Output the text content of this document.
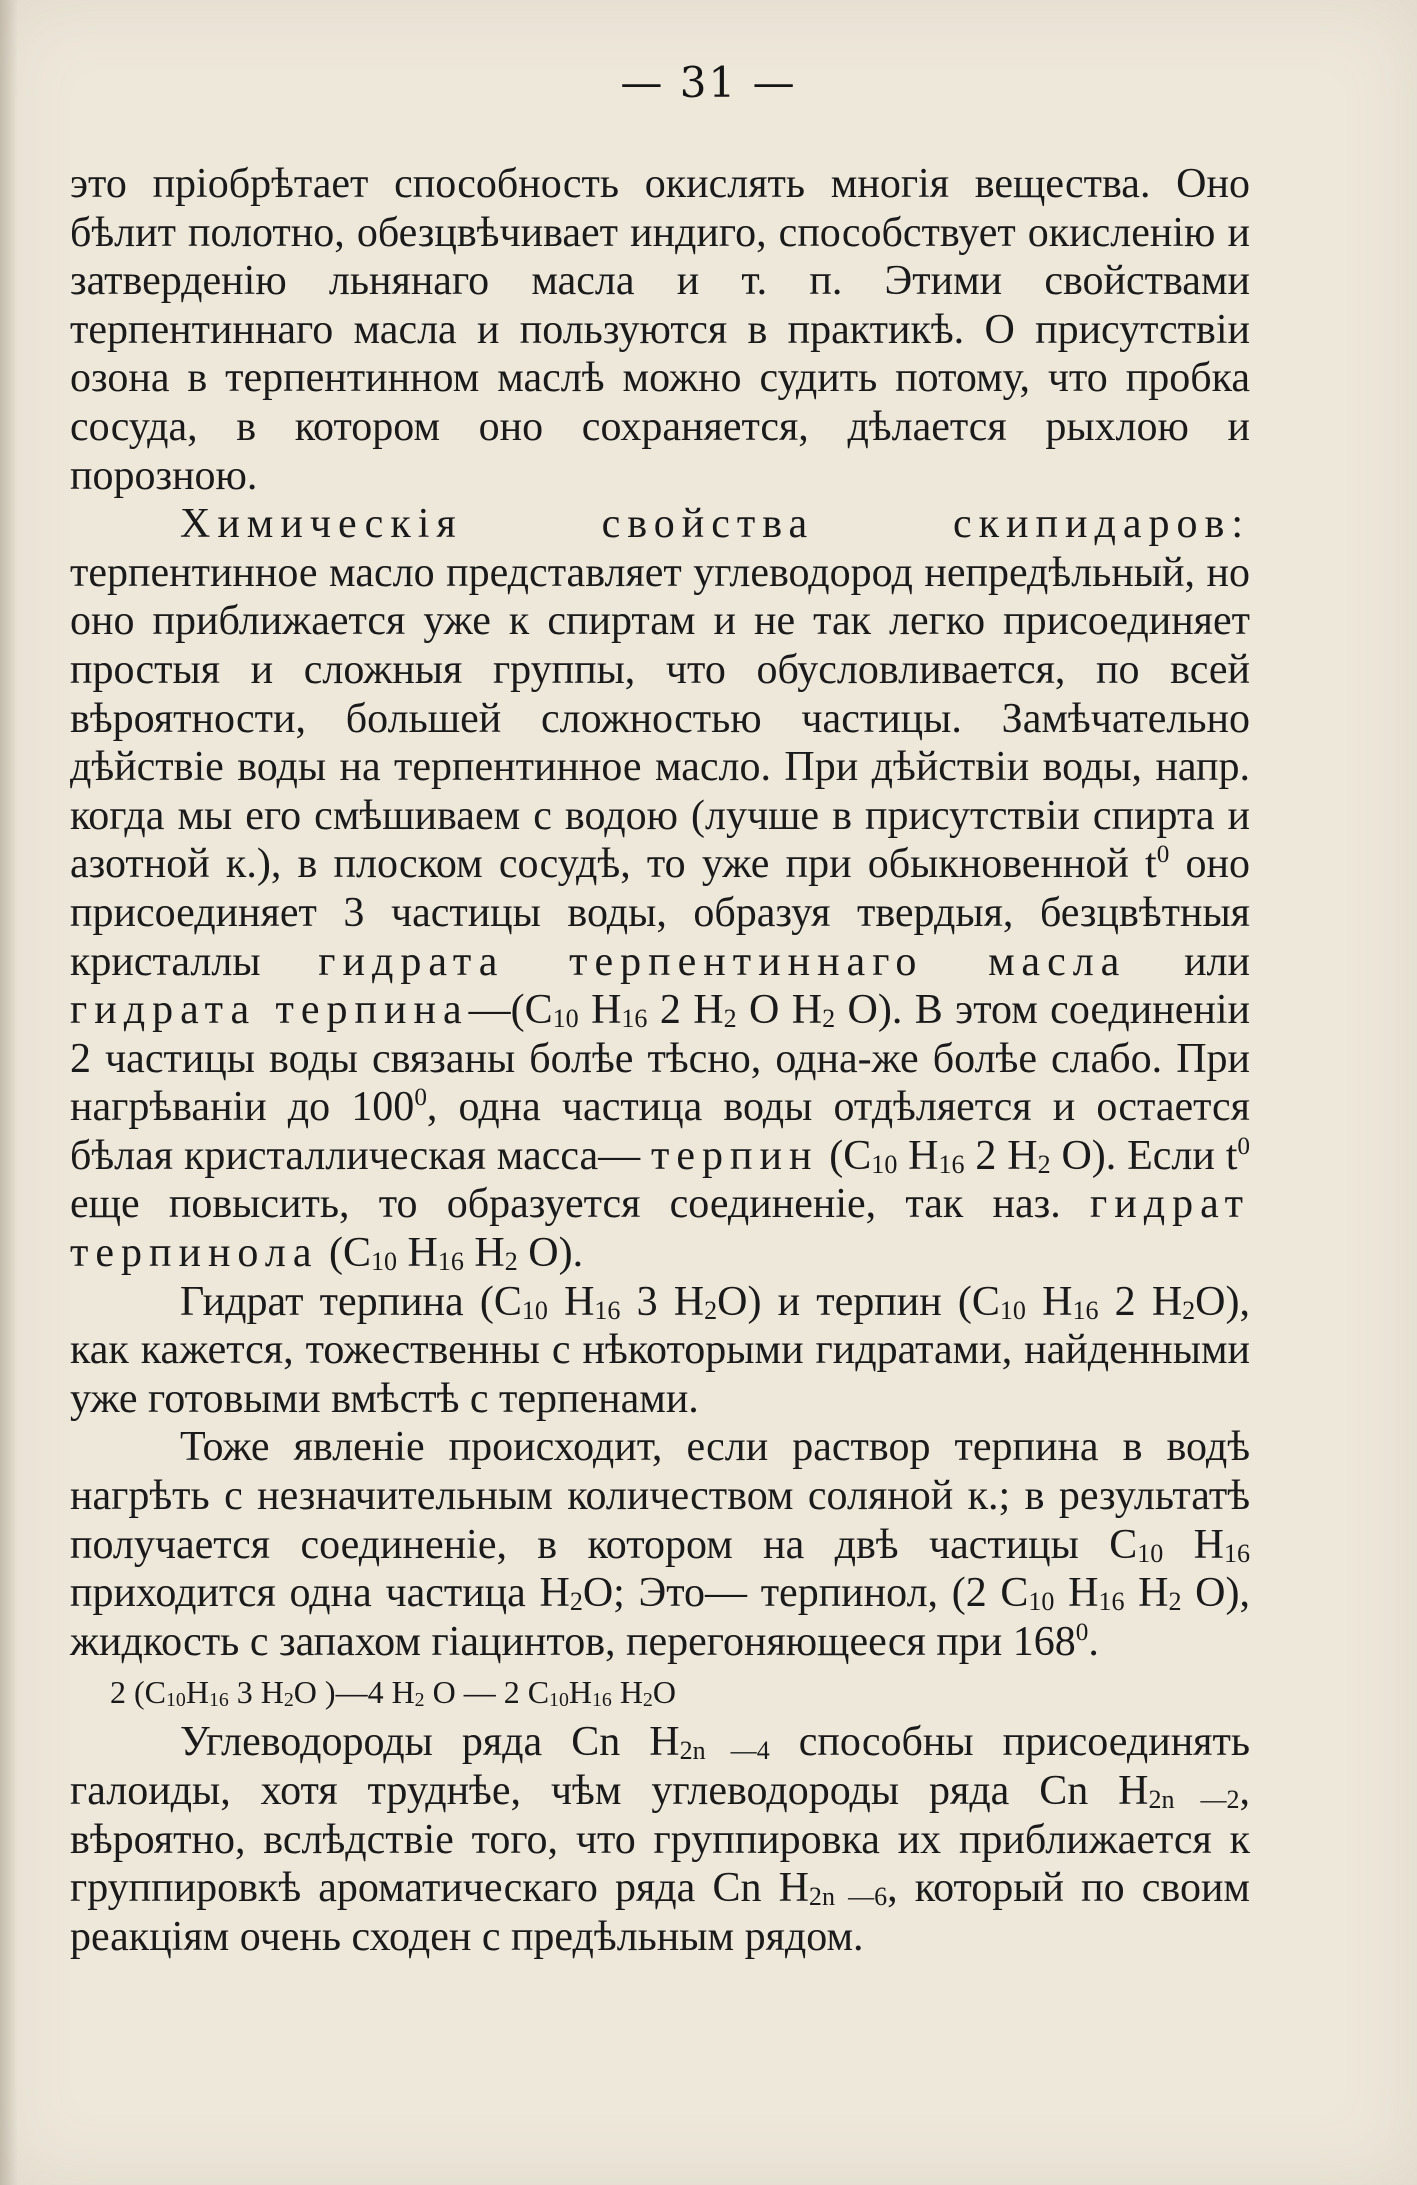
— 31 —

это пріобрѣтает способность окислять многія вещества. Оно бѣлит полотно, обезцвѣчивает индиго, способствует окисленію и затверденію льнянаго масла и т. п. Этими свойствами терпентиннаго масла и пользуются в практикѣ. О присутствіи озона в терпентинном маслѣ можно судить потому, что пробка сосуда, в котором оно сохраняется, дѣлается рыхлою и порозною.

Химическія свойства скипидаров: терпентинное масло представляет углеводород непредѣльный, но оно приближается уже к спиртам и не так легко присоединяет простыя и сложныя группы, что обусловливается, по всей вѣроятности, большей сложностью частицы. Замѣчательно дѣйствіе воды на терпентинное масло. При дѣйствіи воды, напр. когда мы его смѣшиваем с водою (лучше в присутствіи спирта и азотной к.), в плоском сосудѣ, то уже при обыкновенной $t^0$ оно присоединяет 3 частицы воды, образуя твердыя, безцвѣтныя кристаллы гидрата терпентиннаго масла или гидрата $терпина—(C_{10}$ $H_{16}$ 2 $H_2$ O $H_2$ O). В этом соединеніи 2 частицы воды связаны болѣе тѣсно, одна-же болѣе слабо. При нагрѣваніи до $100^0$, одна частица воды отдѣляется и остается бѣлая кристаллическая масса— терпин ($C_{10}$ $H_{16}$ 2 $H_2$ O). Если $t^0$ еще повысить, то образуется соединеніе, так наз. гидрат терпинола ($C_{10}$ $H_{16}$ $H_2$ O).

Гидрат терпина ($C_{10}$ $H_{16}$ 3 $H_2O$) и терпин ($C_{10}$ $H_{16}$ 2 $H_2O$), как кажется, тожественны с нѣкоторыми гидратами, найденными уже готовыми вмѣстѣ с терпенами.

Тоже явленіе происходит, если раствор терпина в водѣ нагрѣть с незначительным количеством соляной к.; в результатѣ получается соединеніе, в котором на двѣ частицы $C_{10}$ $H_{16}$ приходится одна частица $H_2O$; Это— терпинол, (2 $C_{10}$ $H_{16}$ $H_2$ O), жидкость с запахом гіацинтов, перегоняющееся при $168^0$.

2 ($C_{10}H_{16}$ 3 $H_2O$ )—4 $H_2$ O — 2 $C_{10}H_{16}$ $H_2O$

Углеводороды ряда Cn $H_{2n —4}$ способны присоединять галоиды, хотя труднѣе, чѣм углеводороды ряда Cn $H_{2n —2}$, вѣроятно, вслѣдствіе того, что группировка их приближается к группировкѣ ароматическаго ряда Cn $H_{2n —6}$, который по своим реакціям очень сходен с предѣльным рядом.
